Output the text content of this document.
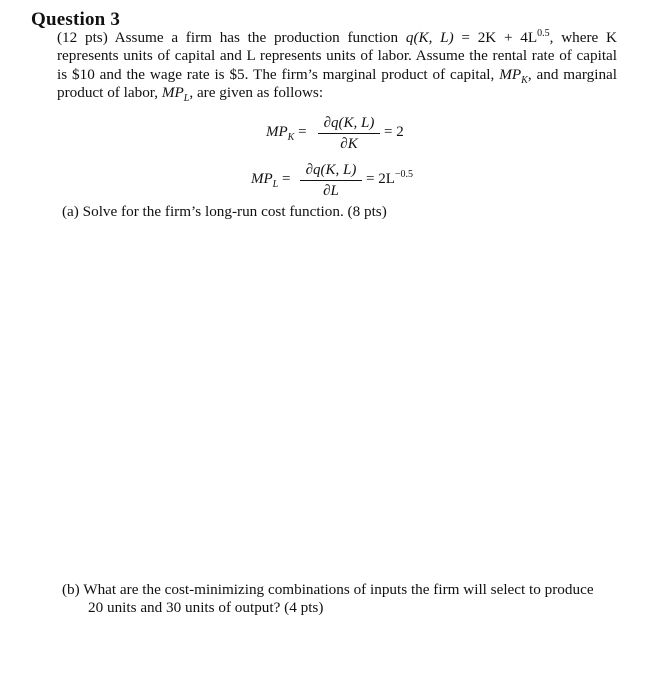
Question 3
(12 pts) Assume a firm has the production function q(K, $L) = 2K + 4L^{0.5}$, where K represents units of capital and L represents units of labor. Assume the rental rate of capital is $10 and the wage rate is $5. The firm’s marginal product of capital, $MP_K$, and marginal product of labor, $MP_L$, are given as follows:
$MP_K = \frac{\partial q(K, L)}{\partial K} = 2$
$MP_L = \frac{\partial q(K, L)}{\partial L} = 2L^{-0.5}$
(a) Solve for the firm’s long-run cost function. (8 pts)
(b) What are the cost-minimizing combinations of inputs the firm will select to produce
20 units and 30 units of output? (4 pts)
